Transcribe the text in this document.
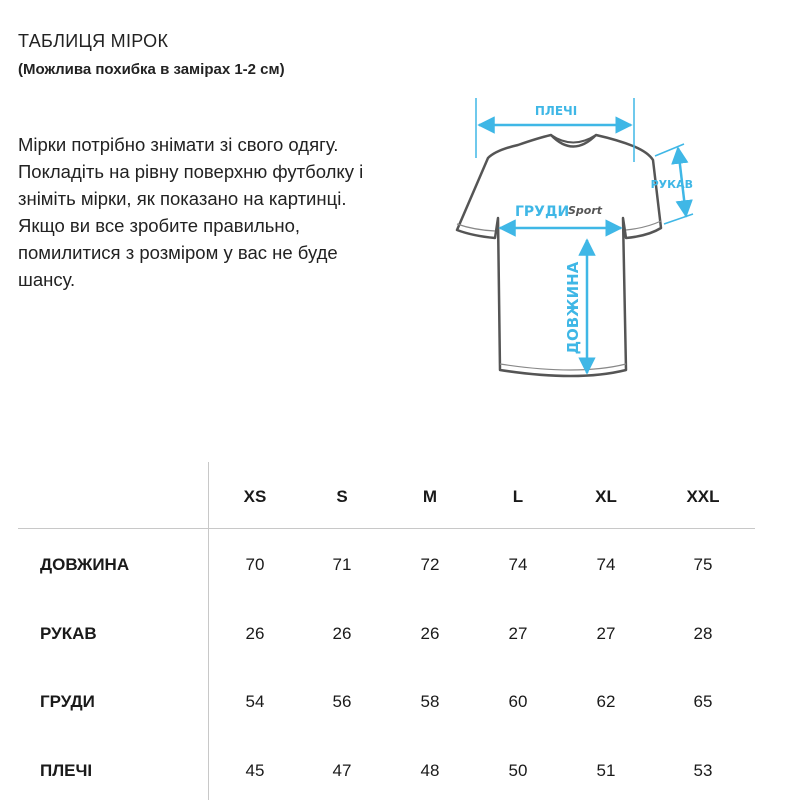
ТАБЛИЦЯ МІРОК
(Можлива похибка в замірах 1-2 см)
Мірки потрібно знімати зі свого одягу. Покладіть на рівну поверхню футболку і зніміть мірки, як показано на картинці. Якщо ви все зробите правильно, помилитися з розміром у вас не буде шансу.
ПЛЕЧІ
РУКАВ
ГРУДИ
Sport
ДОВЖИНА
XS	S	M	L	XL	XXL
ДОВЖИНА	70	71	72	74	74	75
РУКАВ	26	26	26	27	27	28
ГРУДИ	54	56	58	60	62	65
ПЛЕЧІ	45	47	48	50	51	53
